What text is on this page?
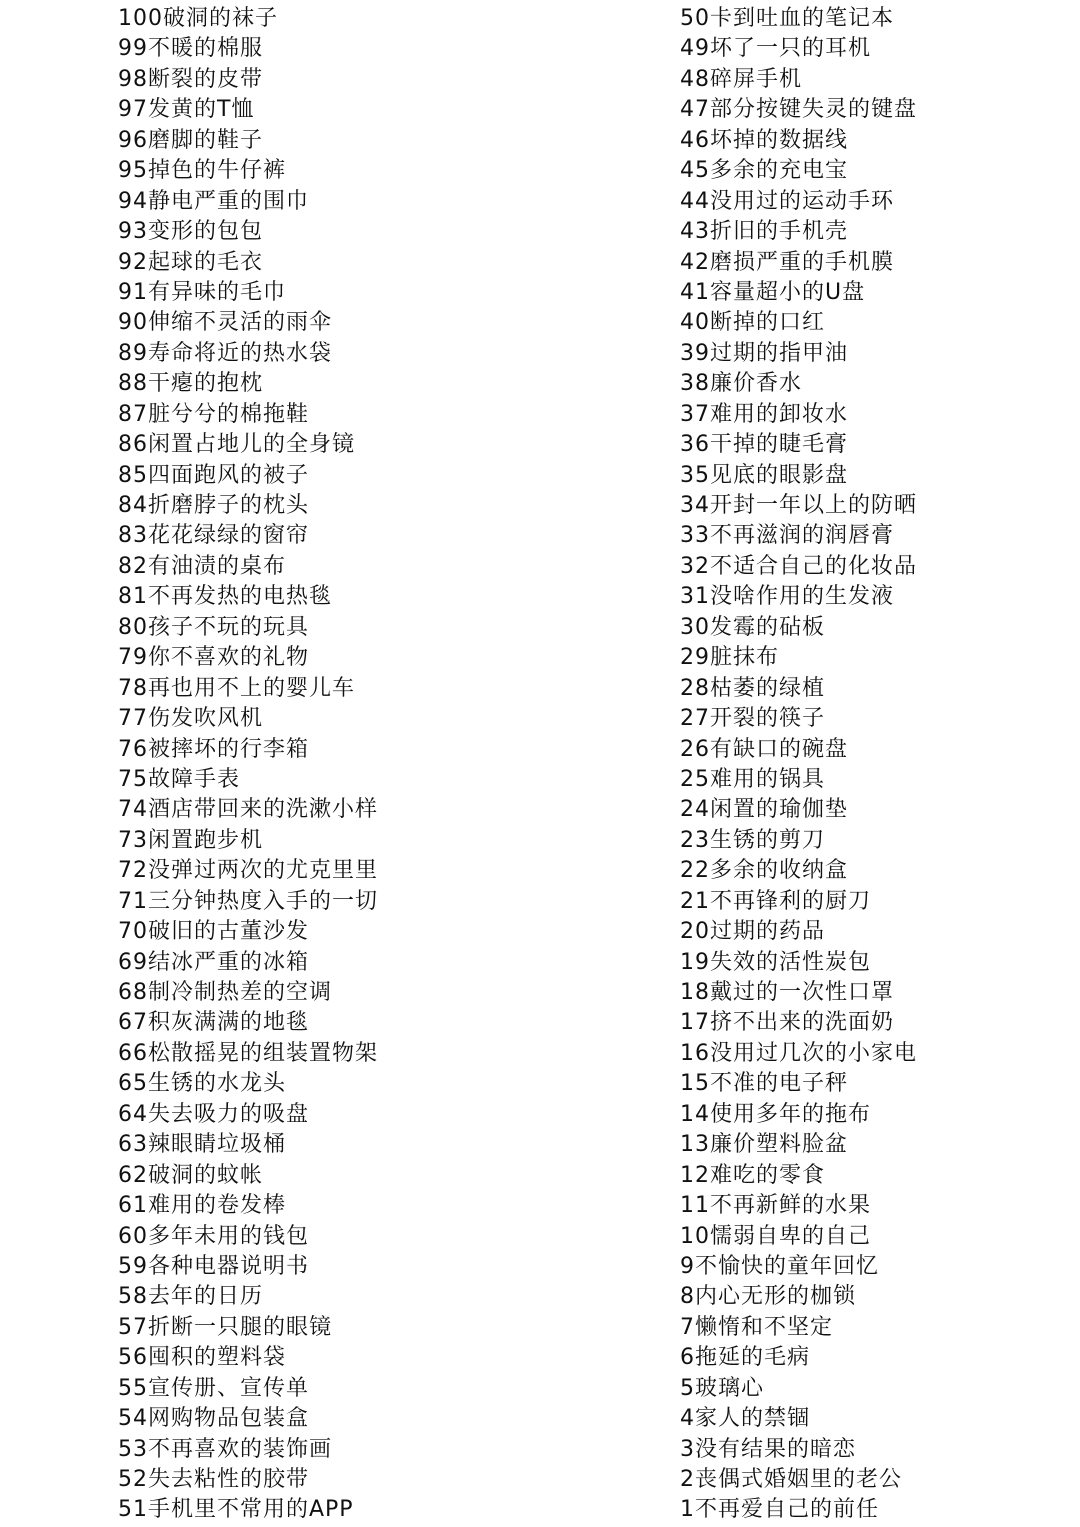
100破洞的袜子
99不暖的棉服
98断裂的皮带
97发黄的T恤
96磨脚的鞋子
95掉色的牛仔裤
94静电严重的围巾
93变形的包包
92起球的毛衣
91有异味的毛巾
90伸缩不灵活的雨伞
89寿命将近的热水袋
88干瘪的抱枕
87脏兮兮的棉拖鞋
86闲置占地儿的全身镜
85四面跑风的被子
84折磨脖子的枕头
83花花绿绿的窗帘
82有油渍的桌布
81不再发热的电热毯
80孩子不玩的玩具
79你不喜欢的礼物
78再也用不上的婴儿车
77伤发吹风机
76被摔坏的行李箱
75故障手表
74酒店带回来的洗漱小样
73闲置跑步机
72没弹过两次的尤克里里
71三分钟热度入手的一切
70破旧的古董沙发
69结冰严重的冰箱
68制冷制热差的空调
67积灰满满的地毯
66松散摇晃的组装置物架
65生锈的水龙头
64失去吸力的吸盘
63辣眼睛垃圾桶
62破洞的蚊帐
61难用的卷发棒
60多年未用的钱包
59各种电器说明书
58去年的日历
57折断一只腿的眼镜
56囤积的塑料袋
55宣传册、宣传单
54网购物品包装盒
53不再喜欢的装饰画
52失去粘性的胶带
51手机里不常用的APP
50卡到吐血的笔记本
49坏了一只的耳机
48碎屏手机
47部分按键失灵的键盘
46坏掉的数据线
45多余的充电宝
44没用过的运动手环
43折旧的手机壳
42磨损严重的手机膜
41容量超小的U盘
40断掉的口红
39过期的指甲油
38廉价香水
37难用的卸妆水
36干掉的睫毛膏
35见底的眼影盘
34开封一年以上的防晒
33不再滋润的润唇膏
32不适合自己的化妆品
31没啥作用的生发液
30发霉的砧板
29脏抹布
28枯萎的绿植
27开裂的筷子
26有缺口的碗盘
25难用的锅具
24闲置的瑜伽垫
23生锈的剪刀
22多余的收纳盒
21不再锋利的厨刀
20过期的药品
19失效的活性炭包
18戴过的一次性口罩
17挤不出来的洗面奶
16没用过几次的小家电
15不准的电子秤
14使用多年的拖布
13廉价塑料脸盆
12难吃的零食
11不再新鲜的水果
10懦弱自卑的自己
9不愉快的童年回忆
8内心无形的枷锁
7懒惰和不坚定
6拖延的毛病
5玻璃心
4家人的禁锢
3没有结果的暗恋
2丧偶式婚姻里的老公
1不再爱自己的前任
